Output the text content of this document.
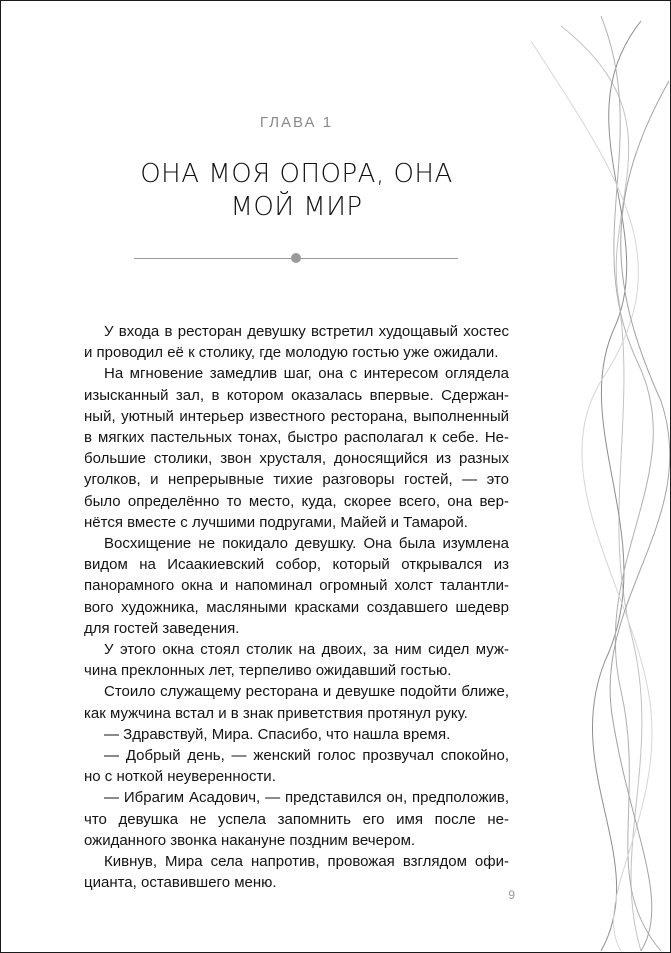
ГЛАВА 1
ОНА МОЯ ОПОРА, ОНА
МОЙ МИР

У входа в ресторан девушку встретил худощавый хостес и проводил её к столику, где молодую гостью уже ожидали.

На мгновение замедлив шаг, она с интересом оглядела изысканный зал, в котором оказалась впервые. Сдержанный, уютный интерьер известного ресторана, выполненный в мягких пастельных тонах, быстро располагал к себе. Небольшие столики, звон хрусталя, доносящийся из разных уголков, и непрерывные тихие разговоры гостей, — это было определённо то место, куда, скорее всего, она вернётся вместе с лучшими подругами, Майей и Тамарой.

Восхищение не покидало девушку. Она была изумлена видом на Исаакиевский собор, который открывался из панорамного окна и напоминал огромный холст талантливого художника, масляными красками создавшего шедевр для гостей заведения.

У этого окна стоял столик на двоих, за ним сидел мужчина преклонных лет, терпеливо ожидавший гостью.

Стоило служащему ресторана и девушке подойти ближе, как мужчина встал и в знак приветствия протянул руку.

— Здравствуй, Мира. Спасибо, что нашла время.

— Добрый день, — женский голос прозвучал спокойно, но с ноткой неуверенности.

— Ибрагим Асадович, — представился он, предположив, что девушка не успела запомнить его имя после неожиданного звонка накануне поздним вечером.

Кивнув, Мира села напротив, провожая взглядом официанта, оставившего меню.

9
